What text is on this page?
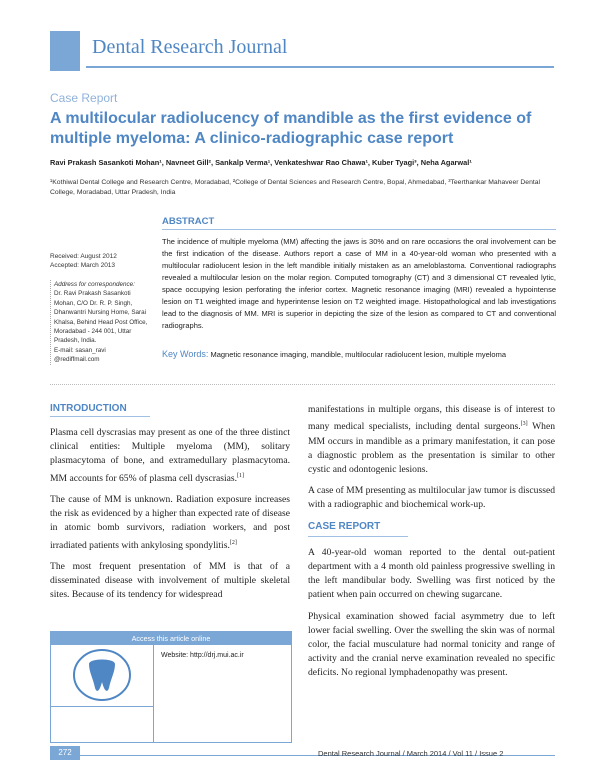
Dental Research Journal
Case Report
A multilocular radiolucency of mandible as the first evidence of multiple myeloma: A clinico-radiographic case report
Ravi Prakash Sasankoti Mohan¹, Navneet Gill², Sankalp Verma¹, Venkateshwar Rao Chawa¹, Kuber Tyagi³, Neha Agarwal¹
¹Kothiwal Dental College and Research Centre, Moradabad, ²College of Dental Sciences and Research Centre, Bopal, Ahmedabad, ³Teerthankar Mahaveer Dental College, Moradabad, Uttar Pradesh, India
Received: August 2012
Accepted: March 2013
Address for correspondence:
Dr. Ravi Prakash Sasankoti Mohan, C/O Dr. R. P. Singh, Dhanwantri Nursing Home, Sarai Khalsa, Behind Head Post Office, Moradabad - 244 001, Uttar Pradesh, India.
E-mail: sasan_ravi @rediffmail.com
ABSTRACT
The incidence of multiple myeloma (MM) affecting the jaws is 30% and on rare occasions the oral involvement can be the first indication of the disease. Authors report a case of MM in a 40-year-old woman who presented with a multilocular radiolucent lesion in the left mandible initially mistaken as an ameloblastoma. Conventional radiographs revealed a multilocular lesion on the molar region. Computed tomography (CT) and 3 dimensional CT revealed lytic, space occupying lesion perforating the inferior cortex. Magnetic resonance imaging (MRI) revealed a hypointense lesion on T1 weighted image and hyperintense lesion on T2 weighted image. Histopathological and lab investigations lead to the diagnosis of MM. MRI is superior in depicting the size of the lesion as compared to CT and conventional radiographs.
Key Words: Magnetic resonance imaging, mandible, multilocular radiolucent lesion, multiple myeloma
INTRODUCTION

Plasma cell dyscrasias may present as one of the three distinct clinical entities: Multiple myeloma (MM), solitary plasmacytoma of bone, and extramedullary plasmacytoma. MM accounts for 65% of plasma cell dyscrasias.[1]

The cause of MM is unknown. Radiation exposure increases the risk as evidenced by a higher than expected rate of disease in atomic bomb survivors, radiation workers, and post irradiated patients with ankylosing spondylitis.[2]

The most frequent presentation of MM is that of a disseminated disease with involvement of multiple skeletal sites. Because of its tendency for widespread

manifestations in multiple organs, this disease is of interest to many medical specialists, including dental surgeons.[3] When MM occurs in mandible as a primary manifestation, it can pose a diagnostic problem as the presentation is similar to other cystic and odontogenic lesions.

A case of MM presenting as multilocular jaw tumor is discussed with a radiographic and biochemical work-up.

CASE REPORT

A 40-year-old woman reported to the dental out-patient department with a 4 month old painless progressive swelling in the left mandibular body. Swelling was first noticed by the patient when pain occurred on chewing sugarcane.

Physical examination showed facial asymmetry due to left lower facial swelling. Over the swelling the skin was of normal color, the facial musculature had normal tonicity and range of activity and the cranial nerve examination revealed no specific deficits. No regional lymphadenopathy was present.

Access this article online
Website: http://drj.mui.ac.ir
272	Dental Research Journal / March 2014 / Vol 11 / Issue 2
